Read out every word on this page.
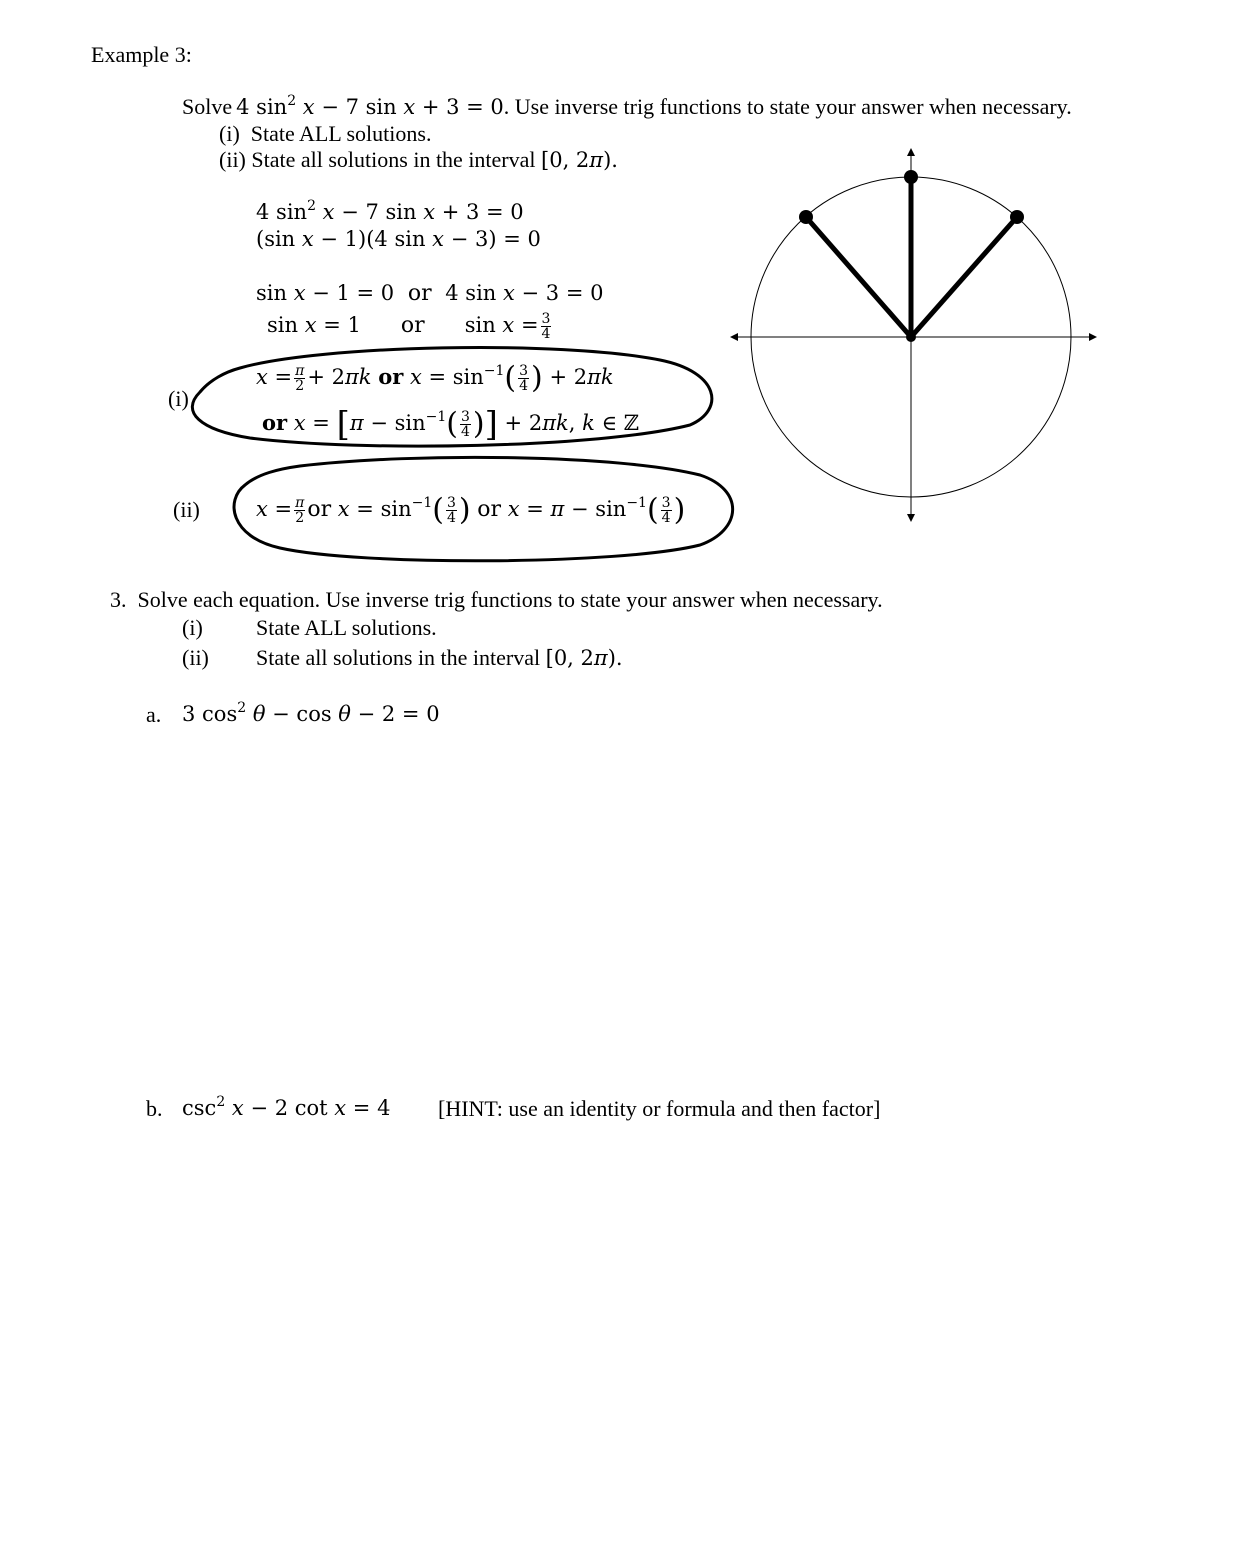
Example 3:
Solve 4 $\sin^2 x - 7$ sin x + 3 = 0. Use inverse trig functions to state your answer when necessary.
(i) State ALL solutions.
(ii) State all solutions in the interval [0, 2π).
4 $\sin^2 x - 7$ sin x + 3 = 0
(sin x − 1)(4 sin x − 3) = 0
sin x − 1 = 0  or  4 sin x − 3 = 0
sin x = 1      or      $\sin x = \frac{3}{4}$
(i)
$x = \frac{\pi}{2} + 2\pi k$ or $x = \sin^{-1}( \frac{3}{4}$ ) + 2πk
or $x = [\pi - \sin^{-1}( \frac{3}{4}$ )] + 2πk, k ∈ ℤ
(ii)	$x = \frac{\pi}{2}$ or $x = \sin^{-1}( \frac{3}{4}$ ) or $x = \pi - \sin^{-1}( \frac{3}{4}$ )
3. Solve each equation. Use inverse trig functions to state your answer when necessary.
(i) State ALL solutions.
(ii) State all solutions in the interval [0, 2π).
a. 3 $\cos^2 \theta - \cos \theta - 2 = 0$
b. $\csc^2 x - 2$ cot x = 4 [HINT: use an identity or formula and then factor]
